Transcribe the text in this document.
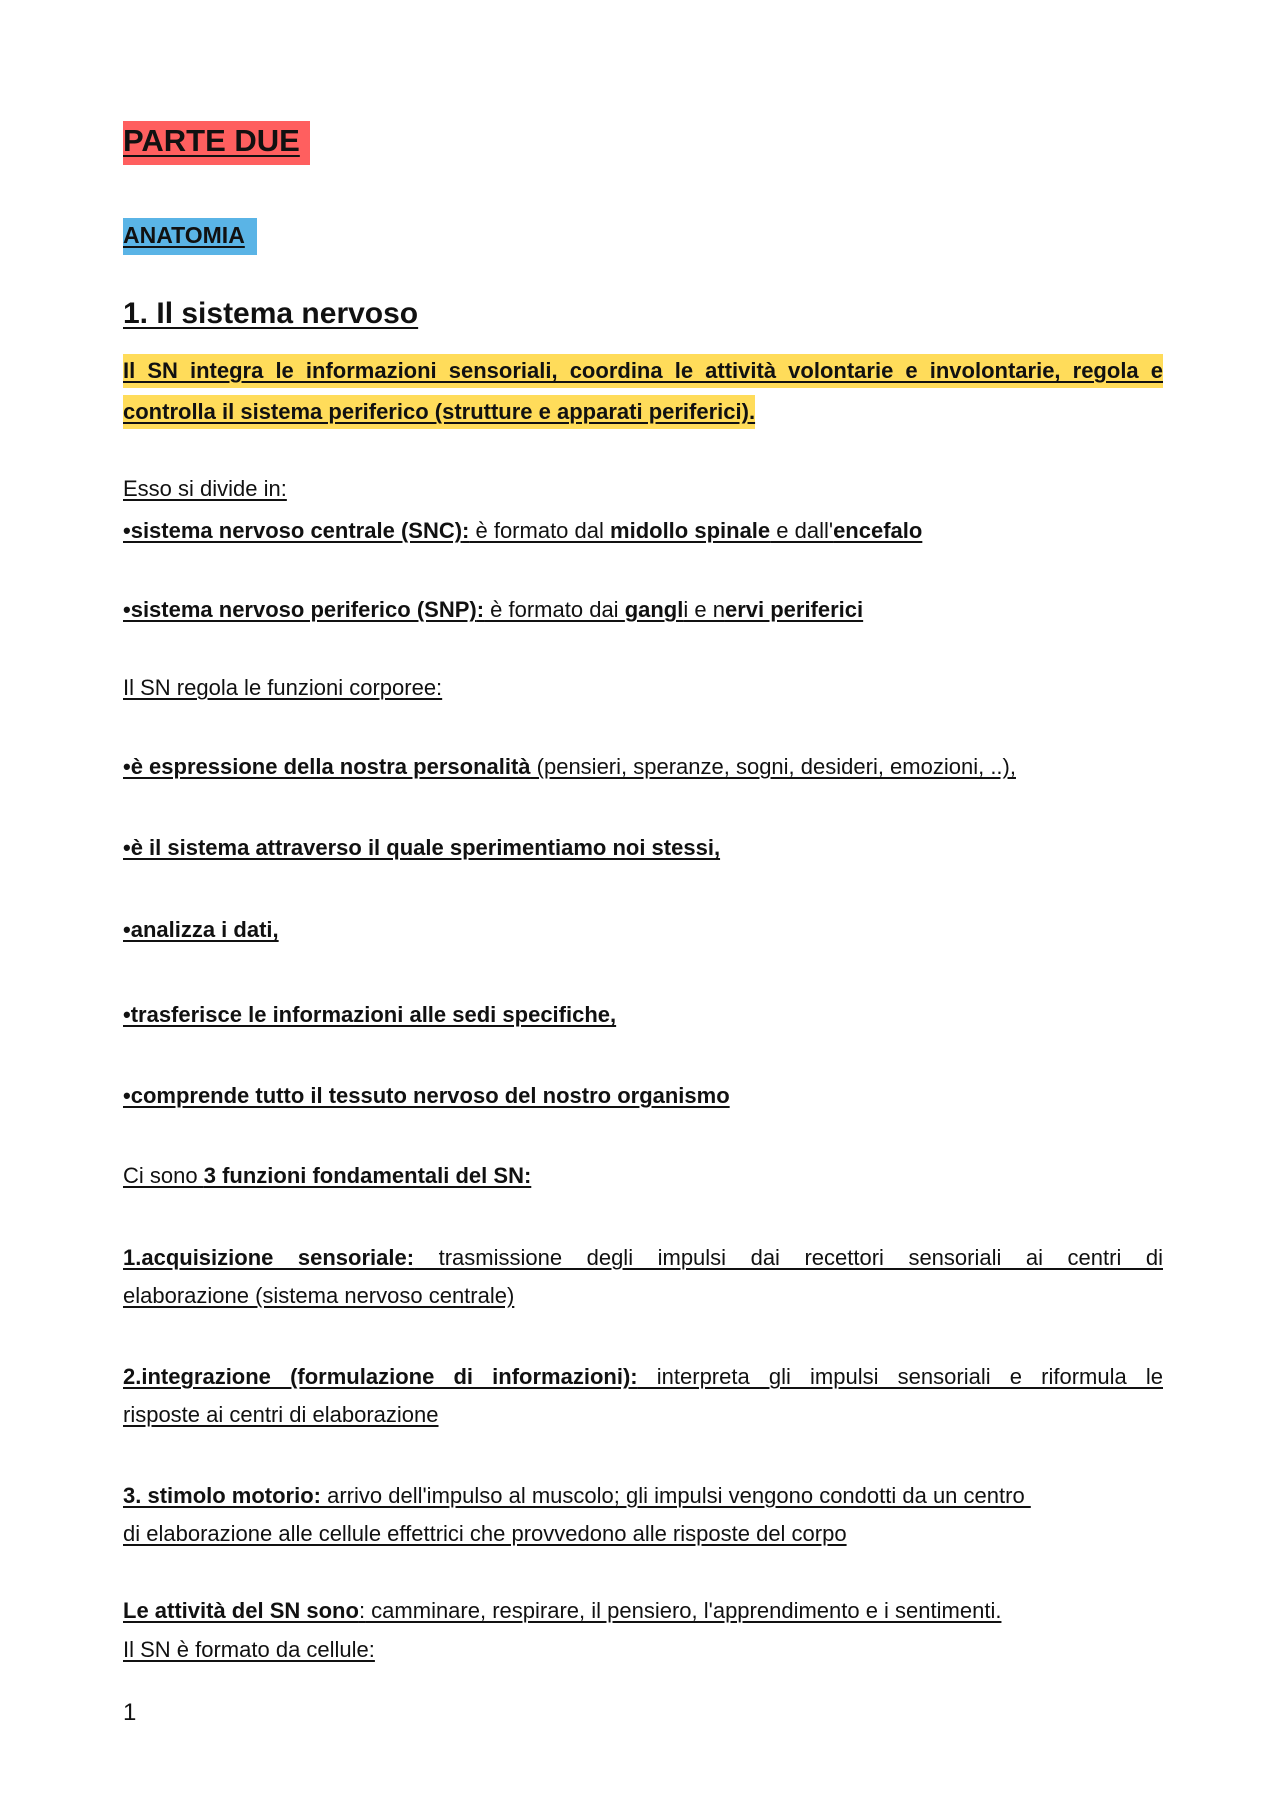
PARTE DUE
ANATOMIA
1. Il sistema nervoso
Il SN integra le informazioni sensoriali, coordina le attività volontarie e involontarie, regola e controlla il sistema periferico (strutture e apparati periferici).
Esso si divide in:
•sistema nervoso centrale (SNC): è formato dal midollo spinale e dall'encefalo
•sistema nervoso periferico (SNP): è formato dai gangli e nervi periferici
Il SN regola le funzioni corporee:
•è espressione della nostra personalità (pensieri, speranze, sogni, desideri, emozioni, ..),
•è il sistema attraverso il quale sperimentiamo noi stessi,
•analizza i dati,
•trasferisce le informazioni alle sedi specifiche,
•comprende tutto il tessuto nervoso del nostro organismo
Ci sono 3 funzioni fondamentali del SN:
1.acquisizione sensoriale: trasmissione degli impulsi dai recettori sensoriali ai centri di
elaborazione (sistema nervoso centrale)
2.integrazione (formulazione di informazioni): interpreta gli impulsi sensoriali e riformula le
risposte ai centri di elaborazione
3. stimolo motorio: arrivo dell'impulso al muscolo; gli impulsi vengono condotti da un centro
di elaborazione alle cellule effettrici che provvedono alle risposte del corpo
Le attività del SN sono: camminare, respirare, il pensiero, l'apprendimento e i sentimenti.
Il SN è formato da cellule:
1
